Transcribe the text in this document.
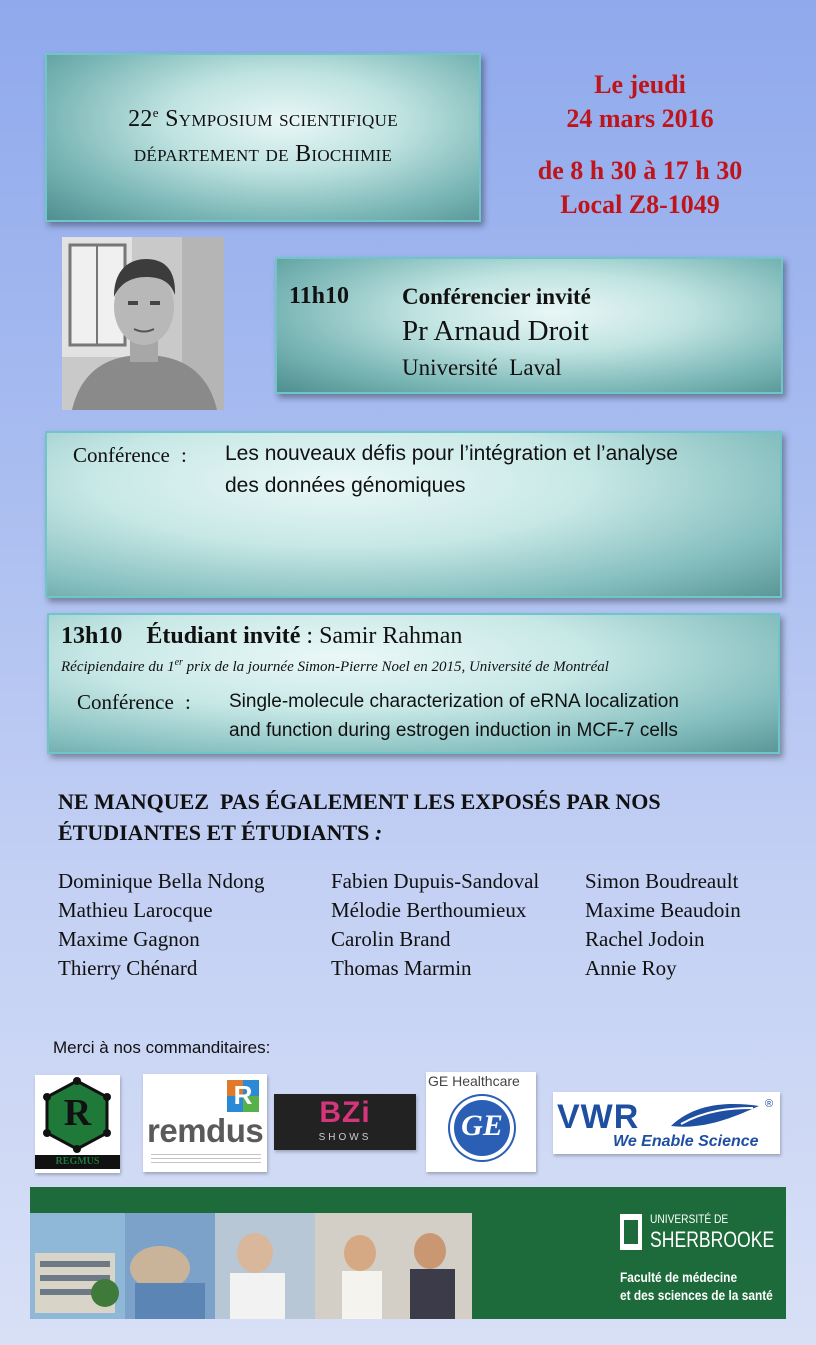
22e Symposium scientifique
département de Biochimie
Le jeudi
24 mars 2016
de 8 h 30 à 17 h 30
Local Z8-1049
11h10 Conférencier invité
Pr Arnaud Droit
Université  Laval
Conférence : Les nouveaux défis pour l’intégration et l’analyse
des données génomiques
13h10 Étudiant invité : Samir Rahman
Récipiendaire du 1er prix de la journée Simon-Pierre Noel en 2015, Université de Montréal
Conférence : Single-molecule characterization of eRNA localization
and function during estrogen induction in MCF-7 cells
NE MANQUEZ  PAS ÉGALEMENT LES EXPOSÉS PAR NOS
ÉTUDIANTES ET ÉTUDIANTS :
Dominique Bella Ndong
Mathieu Larocque
Maxime Gagnon
Thierry Chénard
Fabien Dupuis-Sandoval
Mélodie Berthoumieux
Carolin Brand
Thomas Marmin
Simon Boudreault
Maxime Beaudoin
Rachel Jodoin
Annie Roy
Merci à nos commanditaires:
R
REGMUS
R
remdus	BZi
SHOWS
GE Healthcare
GE	VWR	®
We Enable Science
UNIVERSITÉ DE
SHERBROOKE
Faculté de médecine
et des sciences de la santé
